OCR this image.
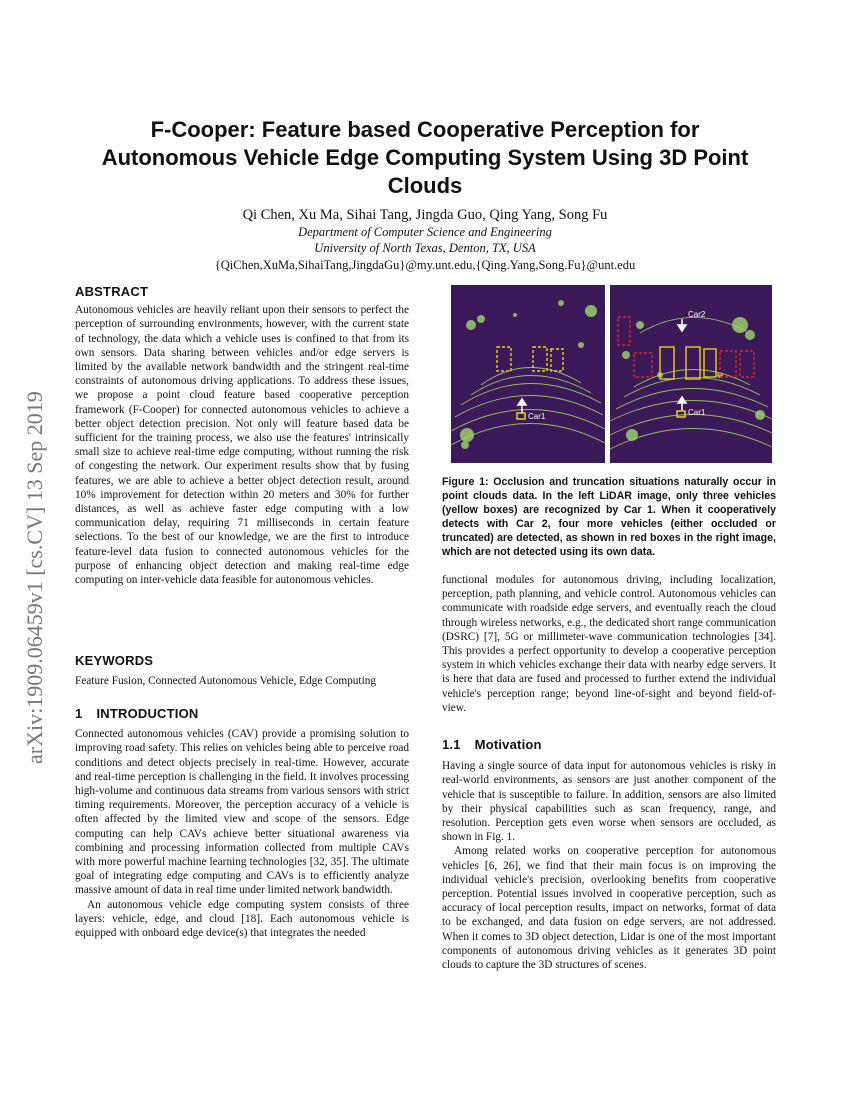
arXiv:1909.06459v1 [cs.CV] 13 Sep 2019
F-Cooper: Feature based Cooperative Perception for
Autonomous Vehicle Edge Computing System Using 3D Point
Clouds
Qi Chen, Xu Ma, Sihai Tang, Jingda Guo, Qing Yang, Song Fu
Department of Computer Science and Engineering
University of North Texas, Denton, TX, USA
{QiChen,XuMa,SihaiTang,JingdaGu}@my.unt.edu,{Qing.Yang,Song.Fu}@unt.edu
ABSTRACT

Autonomous vehicles are heavily reliant upon their sensors to perfect the perception of surrounding environments, however, with the current state of technology, the data which a vehicle uses is confined to that from its own sensors. Data sharing between vehicles and/or edge servers is limited by the available network bandwidth and the stringent real-time constraints of autonomous driving applications. To address these issues, we propose a point cloud feature based cooperative perception framework (F-Cooper) for connected autonomous vehicles to achieve a better object detection precision. Not only will feature based data be sufficient for the training process, we also use the features' intrinsically small size to achieve real-time edge computing, without running the risk of congesting the network. Our experiment results show that by fusing features, we are able to achieve a better object detection result, around 10% improvement for detection within 20 meters and 30% for further distances, as well as achieve faster edge computing with a low communication delay, requiring 71 milliseconds in certain feature selections. To the best of our knowledge, we are the first to introduce feature-level data fusion to connected autonomous vehicles for the purpose of enhancing object detection and making real-time edge computing on inter-vehicle data feasible for autonomous vehicles.

KEYWORDS

Feature Fusion, Connected Autonomous Vehicle, Edge Computing

1 INTRODUCTION

Connected autonomous vehicles (CAV) provide a promising solution to improving road safety. This relies on vehicles being able to perceive road conditions and detect objects precisely in real-time. However, accurate and real-time perception is challenging in the field. It involves processing high-volume and continuous data streams from various sensors with strict timing requirements. Moreover, the perception accuracy of a vehicle is often affected by the limited view and scope of the sensors. Edge computing can help CAVs achieve better situational awareness via combining and processing information collected from multiple CAVs with more powerful machine learning technologies [32, 35]. The ultimate goal of integrating edge computing and CAVs is to efficiently analyze massive amount of data in real time under limited network bandwidth.

An autonomous vehicle edge computing system consists of three layers: vehicle, edge, and cloud [18]. Each autonomous vehicle is equipped with onboard edge device(s) that integrates the needed

Car1
Car2
Car1
Figure 1: Occlusion and truncation situations naturally occur in point clouds data. In the left LiDAR image, only three vehicles (yellow boxes) are recognized by Car 1. When it cooperatively detects with Car 2, four more vehicles (either occluded or truncated) are detected, as shown in red boxes in the right image, which are not detected using its own data.

functional modules for autonomous driving, including localization, perception, path planning, and vehicle control. Autonomous vehicles can communicate with roadside edge servers, and eventually reach the cloud through wireless networks, e.g., the dedicated short range communication (DSRC) [7], 5G or millimeter-wave communication technologies [34]. This provides a perfect opportunity to develop a cooperative perception system in which vehicles exchange their data with nearby edge servers. It is here that data are fused and processed to further extend the individual vehicle's perception range; beyond line-of-sight and beyond field-of-view.

1.1 Motivation

Having a single source of data input for autonomous vehicles is risky in real-world environments, as sensors are just another component of the vehicle that is susceptible to failure. In addition, sensors are also limited by their physical capabilities such as scan frequency, range, and resolution. Perception gets even worse when sensors are occluded, as shown in Fig. 1.

Among related works on cooperative perception for autonomous vehicles [6, 26], we find that their main focus is on improving the individual vehicle's precision, overlooking benefits from cooperative perception. Potential issues involved in cooperative perception, such as accuracy of local perception results, impact on networks, format of data to be exchanged, and data fusion on edge servers, are not addressed. When it comes to 3D object detection, Lidar is one of the most important components of autonomous driving vehicles as it generates 3D point clouds to capture the 3D structures of scenes.
